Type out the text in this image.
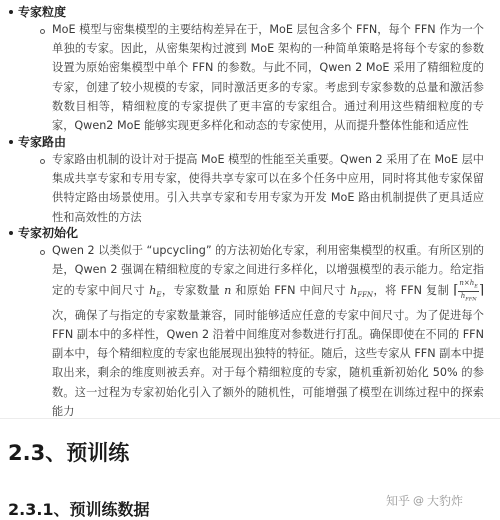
专家粒度
MoE 模型与密集模型的主要结构差异在于，MoE 层包含多个 FFN，每个 FFN 作为一个单独的专家。因此，从密集架构过渡到 MoE 架构的一种简单策略是将每个专家的参数设置为原始密集模型中单个 FFN 的参数。与此不同，Qwen 2 MoE 采用了精细粒度的专家，创建了较小规模的专家，同时激活更多的专家。考虑到专家参数的总量和激活参数数目相等，精细粒度的专家提供了更丰富的专家组合。通过利用这些精细粒度的专家，Qwen2 MoE 能够实现更多样化和动态的专家使用，从而提升整体性能和适应性
专家路由
专家路由机制的设计对于提高 MoE 模型的性能至关重要。Qwen 2 采用了在 MoE 层中集成共享专家和专用专家，使得共享专家可以在多个任务中应用，同时将其他专家保留供特定路由场景使用。引入共享专家和专用专家为开发 MoE 路由机制提供了更具适应性和高效性的方法
专家初始化
Qwen 2 以类似于 “upcycling” 的方法初始化专家，利用密集模型的权重。有所区别的是，Qwen 2 强调在精细粒度的专家之间进行多样化，以增强模型的表示能力。给定指定的专家中间尺寸 $h_E$，专家数量 n 和原始 FFN 中间尺寸 $h_{FFN}$，将 FFN 复制 ⌈ $\frac{n\times h_E}{h_{FFN}}$ ⌉ 次，确保了与指定的专家数量兼容，同时能够适应任意的专家中间尺寸。为了促进每个 FFN 副本中的多样性，Qwen 2 沿着中间维度对参数进行打乱。确保即使在不同的 FFN 副本中，每个精细粒度的专家也能展现出独特的特征。随后，这些专家从 FFN 副本中提取出来，剩余的维度则被丢弃。对于每个精细粒度的专家，随机重新初始化 50% 的参数。这一过程为专家初始化引入了额外的随机性，可能增强了模型在训练过程中的探索能力
2.3、预训练
2.3.1、预训练数据	知乎 @ 大豹炸
